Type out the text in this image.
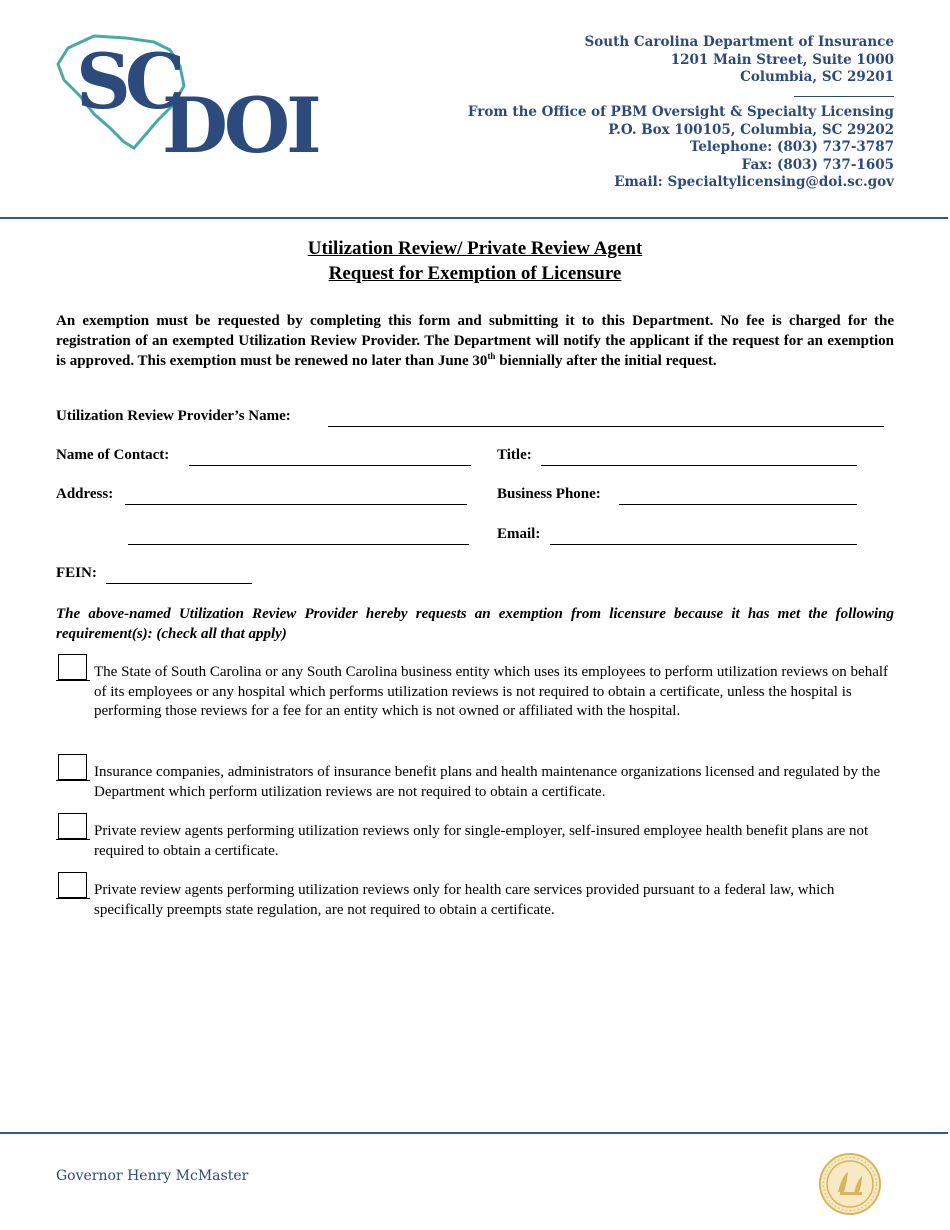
SC
DOI
South Carolina Department of Insurance
1201 Main Street, Suite 1000
Columbia, SC 29201
From the Office of PBM Oversight & Specialty Licensing
P.O. Box 100105, Columbia, SC 29202
Telephone: (803) 737-3787
Fax: (803) 737-1605
Email: Specialtylicensing@doi.sc.gov
Utilization Review/ Private Review Agent
Request for Exemption of Licensure
An exemption must be requested by completing this form and submitting it to this Department. No fee is charged for the registration of an exempted Utilization Review Provider. The Department will notify the applicant if the request for an exemption is approved. This exemption must be renewed no later than June 30th biennially after the initial request.
Utilization Review Provider’s Name:
Name of Contact:	Title:
Address:	Business Phone:
Email:
FEIN:
The above-named Utilization Review Provider hereby requests an exemption from licensure because it has met the following requirement(s): (check all that apply)
The State of South Carolina or any South Carolina business entity which uses its employees to perform utilization reviews on behalf of its employees or any hospital which performs utilization reviews is not required to obtain a certificate, unless the hospital is performing those reviews for a fee for an entity which is not owned or affiliated with the hospital.
Insurance companies, administrators of insurance benefit plans and health maintenance organizations licensed and regulated by the Department which perform utilization reviews are not required to obtain a certificate.
Private review agents performing utilization reviews only for single-employer, self-insured employee health benefit plans are not required to obtain a certificate.
Private review agents performing utilization reviews only for health care services provided pursuant to a federal law, which specifically preempts state regulation, are not required to obtain a certificate.
Governor Henry McMaster
